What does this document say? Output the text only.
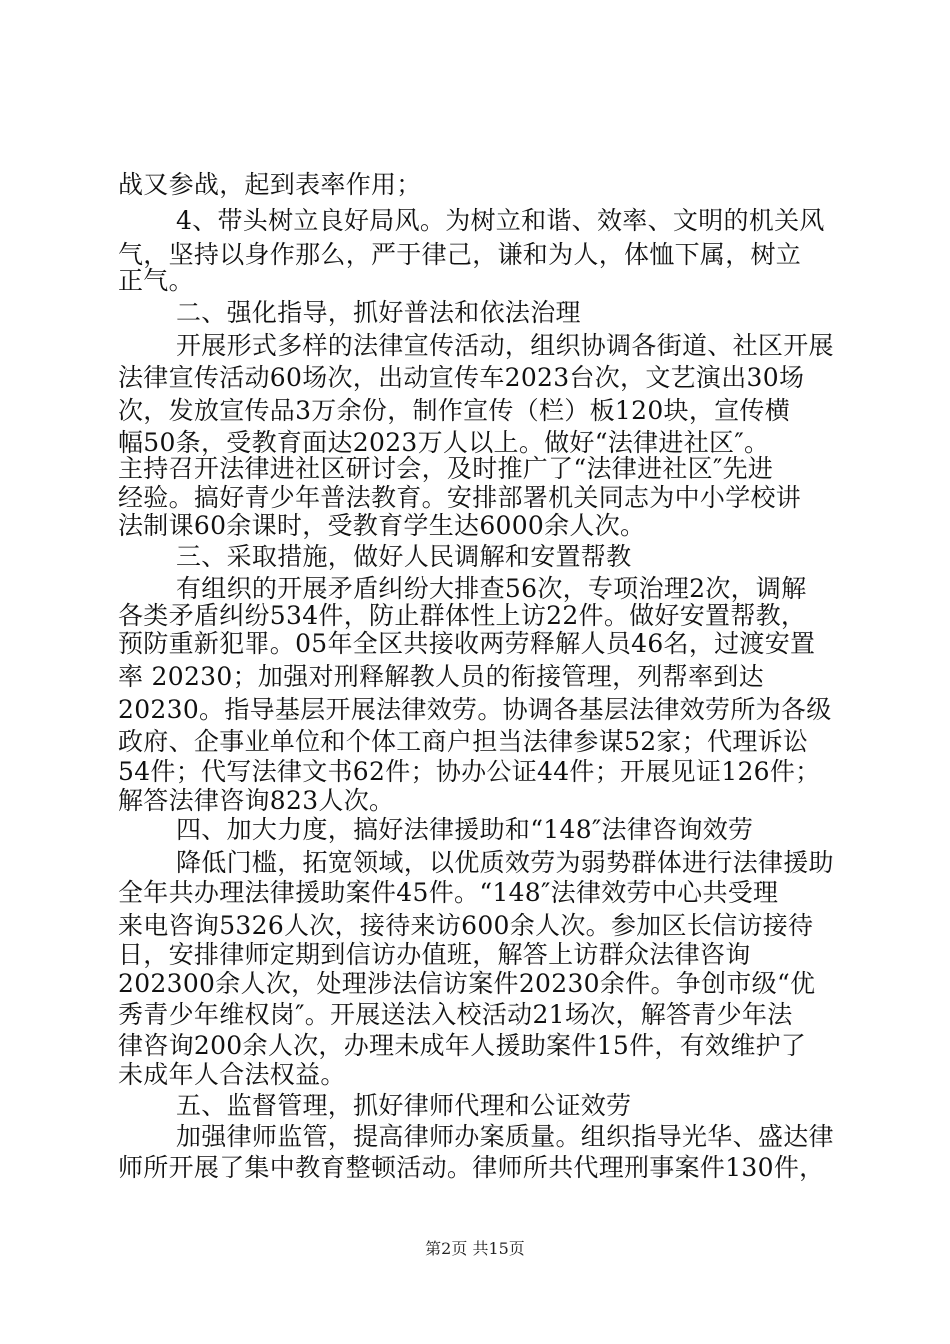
战又参战，起到表率作用；
4、带头树立良好局风。为树立和谐、效率、文明的机关风
气，坚持以身作那么，严于律己，谦和为人，体恤下属，树立
正气。
二、强化指导，抓好普法和依法治理
开展形式多样的法律宣传活动，组织协调各街道、社区开展
法律宣传活动60场次，出动宣传车2023台次，文艺演出30场
次，发放宣传品3万余份，制作宣传（栏）板120块，宣传横
幅50条，受教育面达2023万人以上。做好“法律进社区″。
主持召开法律进社区研讨会，及时推广了“法律进社区″先进
经验。搞好青少年普法教育。安排部署机关同志为中小学校讲
法制课60余课时，受教育学生达6000余人次。
三、采取措施，做好人民调解和安置帮教
有组织的开展矛盾纠纷大排查56次，专项治理2次，调解
各类矛盾纠纷534件，防止群体性上访22件。做好安置帮教，
预防重新犯罪。05年全区共接收两劳释解人员46名，过渡安置
率 20230；加强对刑释解教人员的衔接管理，列帮率到达
20230。指导基层开展法律效劳。协调各基层法律效劳所为各级
政府、企事业单位和个体工商户担当法律参谋52家；代理诉讼
54件；代写法律文书62件；协办公证44件；开展见证126件；
解答法律咨询823人次。
四、加大力度，搞好法律援助和“148″法律咨询效劳
降低门槛，拓宽领域，以优质效劳为弱势群体进行法律援助
全年共办理法律援助案件45件。“148″法律效劳中心共受理
来电咨询5326人次，接待来访600余人次。参加区长信访接待
日，安排律师定期到信访办值班，解答上访群众法律咨询
202300余人次，处理涉法信访案件20230余件。争创市级“优
秀青少年维权岗″。开展送法入校活动21场次，解答青少年法
律咨询200余人次，办理未成年人援助案件15件，有效维护了
未成年人合法权益。
五、监督管理，抓好律师代理和公证效劳
加强律师监管，提高律师办案质量。组织指导光华、盛达律
师所开展了集中教育整顿活动。律师所共代理刑事案件130件，
第2页 共15页
